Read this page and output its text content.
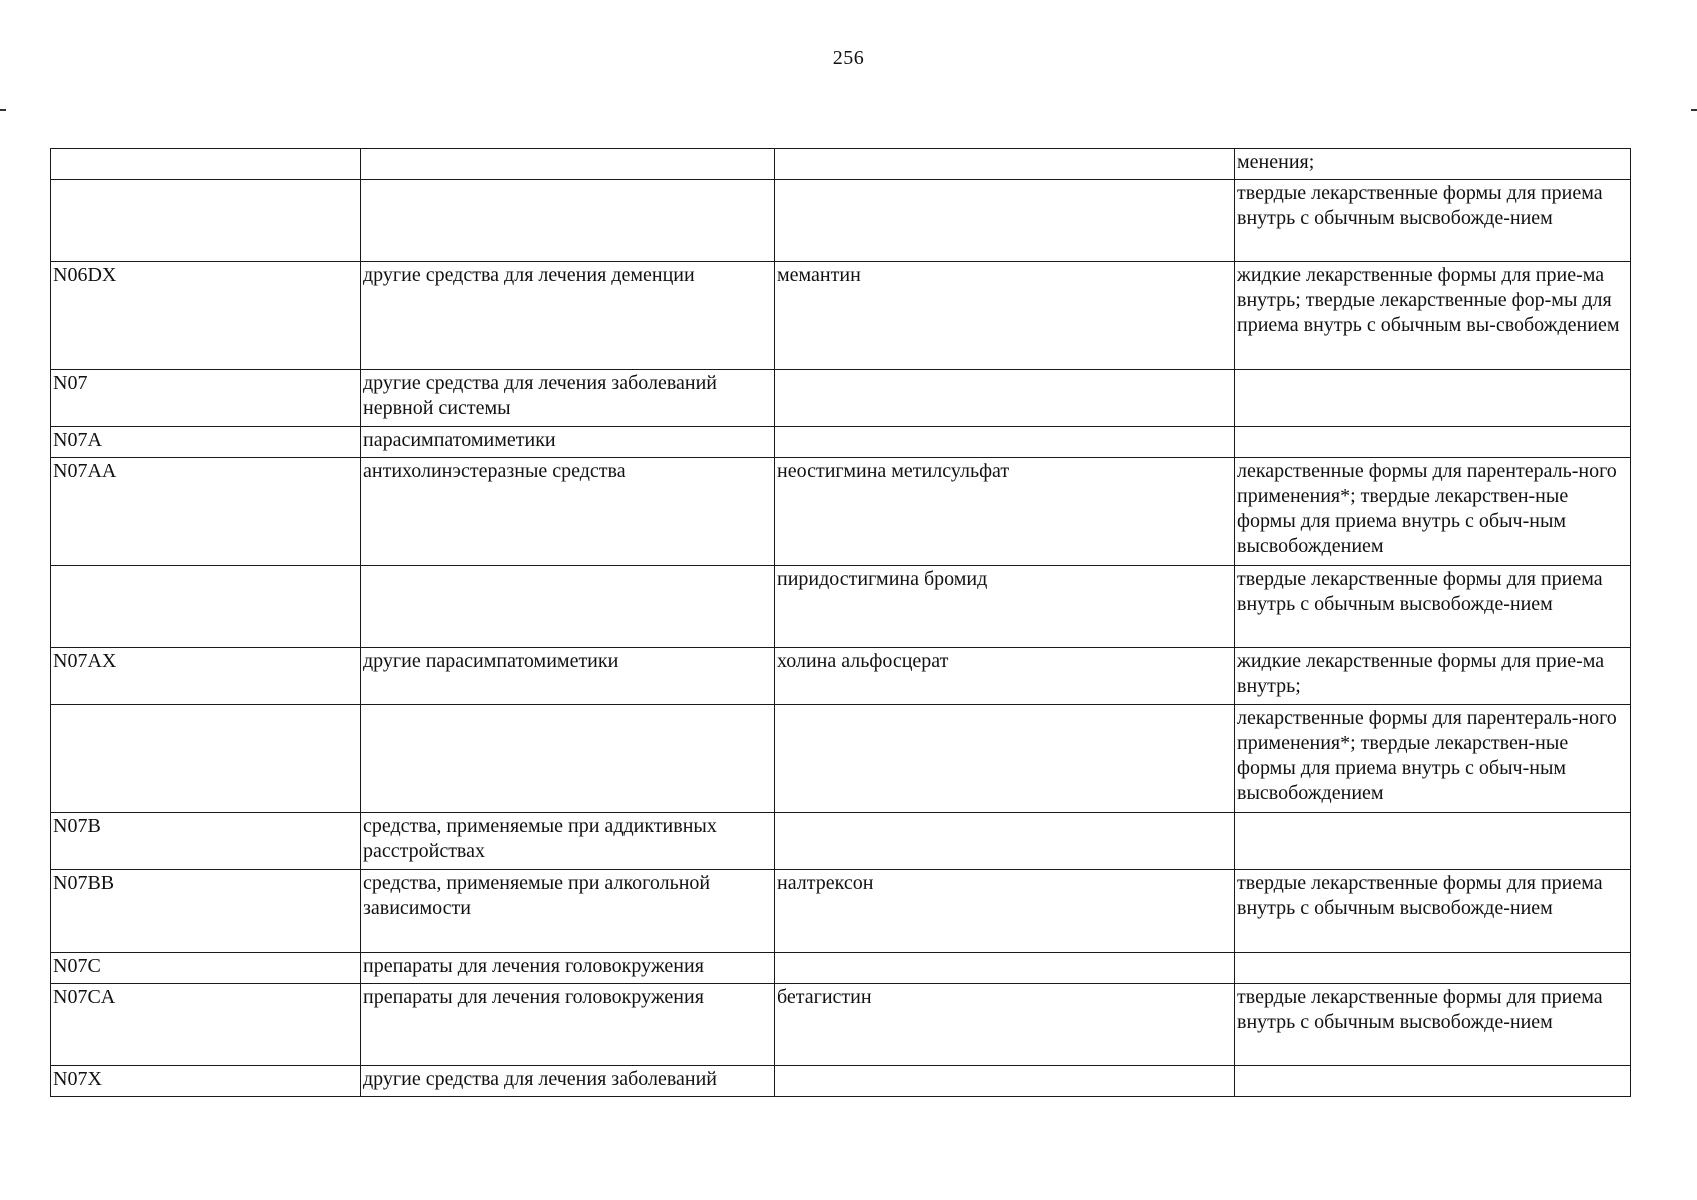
256
			менения;
			твердые лекарственные формы для приема внутрь с обычным высвобожде-нием
N06DX	другие средства для лечения деменции	мемантин	жидкие лекарственные формы для прие-ма внутрь; твердые лекарственные фор-мы для приема внутрь с обычным вы-свобождением
N07	другие средства для лечения заболеваний нервной системы		
N07A	парасимпатомиметики		
N07AA	антихолинэстеразные средства	неостигмина метилсульфат	лекарственные формы для парентераль-ного применения*; твердые лекарствен-ные формы для приема внутрь с обыч-ным высвобождением
		пиридостигмина бромид	твердые лекарственные формы для приема внутрь с обычным высвобожде-нием
N07AX	другие парасимпатомиметики	холина альфосцерат	жидкие лекарственные формы для прие-ма внутрь;
			лекарственные формы для парентераль-ного применения*; твердые лекарствен-ные формы для приема внутрь с обыч-ным высвобождением
N07B	средства, применяемые при аддиктивных расстройствах		
N07BB	средства, применяемые при алкогольной зависимости	налтрексон	твердые лекарственные формы для приема внутрь с обычным высвобожде-нием
N07C	препараты для лечения головокружения		
N07CA	препараты для лечения головокружения	бетагистин	твердые лекарственные формы для приема внутрь с обычным высвобожде-нием
N07X	другие средства для лечения заболеваний		
